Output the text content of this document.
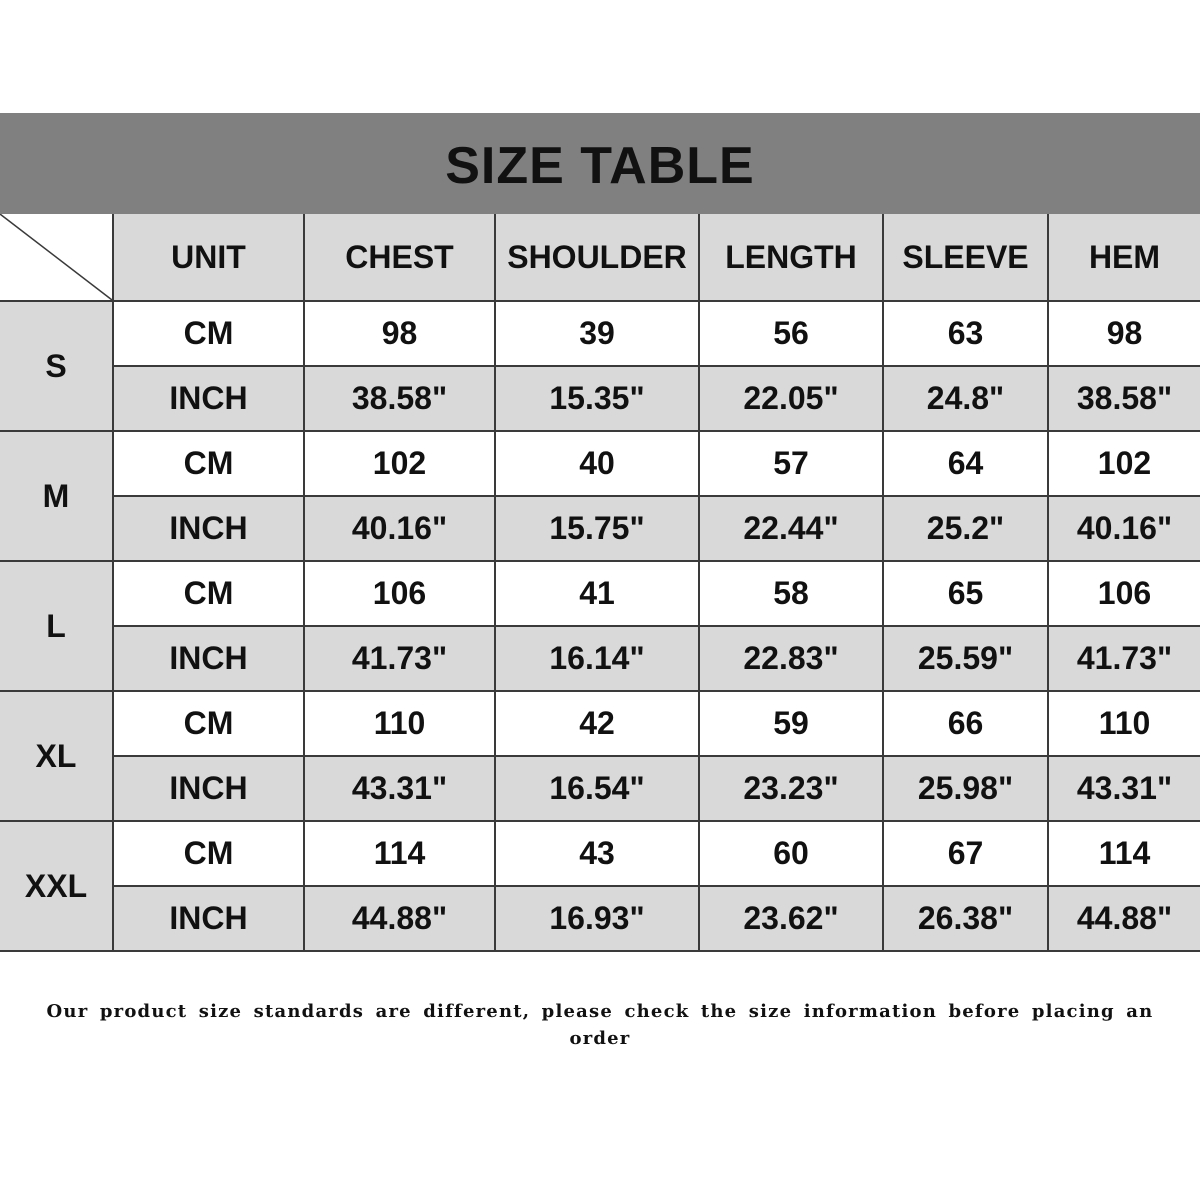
SIZE TABLE
	UNIT	CHEST	SHOULDER	LENGTH	SLEEVE	HEM
S	CM	98	39	56	63	98
	INCH	38.58"	15.35"	22.05"	24.8"	38.58"
M	CM	102	40	57	64	102
	INCH	40.16"	15.75"	22.44"	25.2"	40.16"
L	CM	106	41	58	65	106
	INCH	41.73"	16.14"	22.83"	25.59"	41.73"
XL	CM	110	42	59	66	110
	INCH	43.31"	16.54"	23.23"	25.98"	43.31"
XXL	CM	114	43	60	67	114
	INCH	44.88"	16.93"	23.62"	26.38"	44.88"
Our product size standards are different, please check the size information before placing an order
